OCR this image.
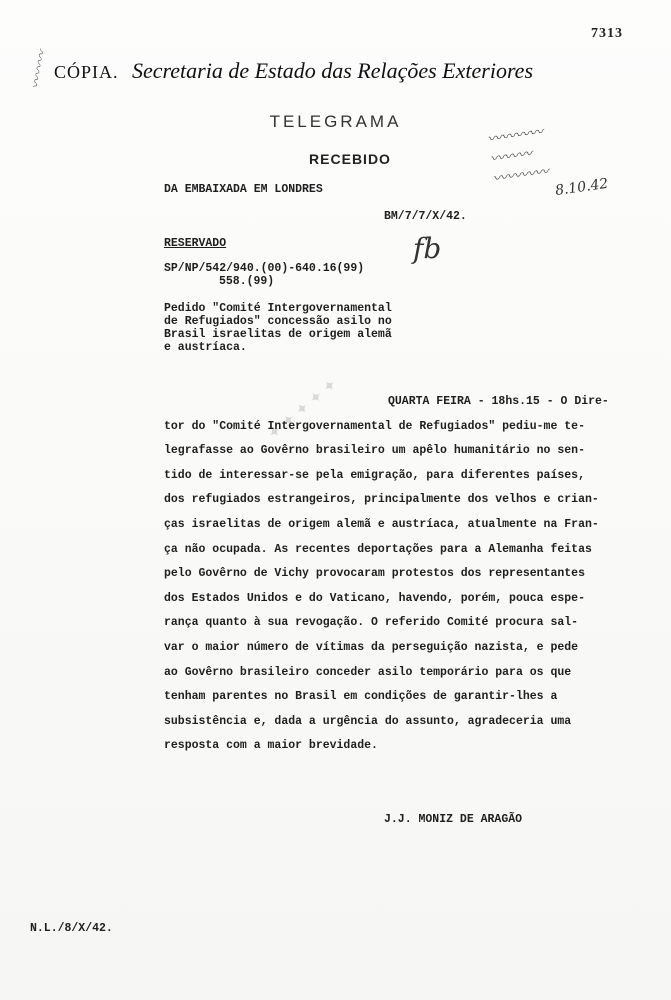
〰〰〰
7313
CÓPIA. Secretaria de Estado das Relações Exteriores
TELEGRAMA
RECEBIDO
DA EMBAIXADA EM LONDRES
BM/7/7/X/42.
RESERVADO
SP/NP/542/940.(00)-640.16(99)
558.(99)
fb
〰〰〰〰
〰〰〰
〰〰〰〰 8.10.42
Pedido "Comité Intergovernamental
de Refugiados" concessão asilo no
Brasil israelitas de origem alemã
e austríaca.
✦ ✦ ✦ ✦ ✦	QUARTA FEIRA - 18hs.15 - O Dire-
tor do "Comité Intergovernamental de Refugiados" pediu-me te-
legrafasse ao Govêrno brasileiro um apêlo humanitário no sen-
tido de interessar-se pela emigração, para diferentes países,
dos refugiados estrangeiros, principalmente dos velhos e crian-
ças israelitas de origem alemã e austríaca, atualmente na Fran-
ça não ocupada. As recentes deportações para a Alemanha feitas
pelo Govêrno de Vichy provocaram protestos dos representantes
dos Estados Unidos e do Vaticano, havendo, porém, pouca espe-
rança quanto à sua revogação. O referido Comité procura sal-
var o maior número de vítimas da perseguição nazista, e pede
ao Govêrno brasileiro conceder asilo temporário para os que
tenham parentes no Brasil em condições de garantir-lhes a
subsistência e, dada a urgência do assunto, agradeceria uma
resposta com a maior brevidade.
J.J. MONIZ DE ARAGÃO
N.L./8/X/42.
